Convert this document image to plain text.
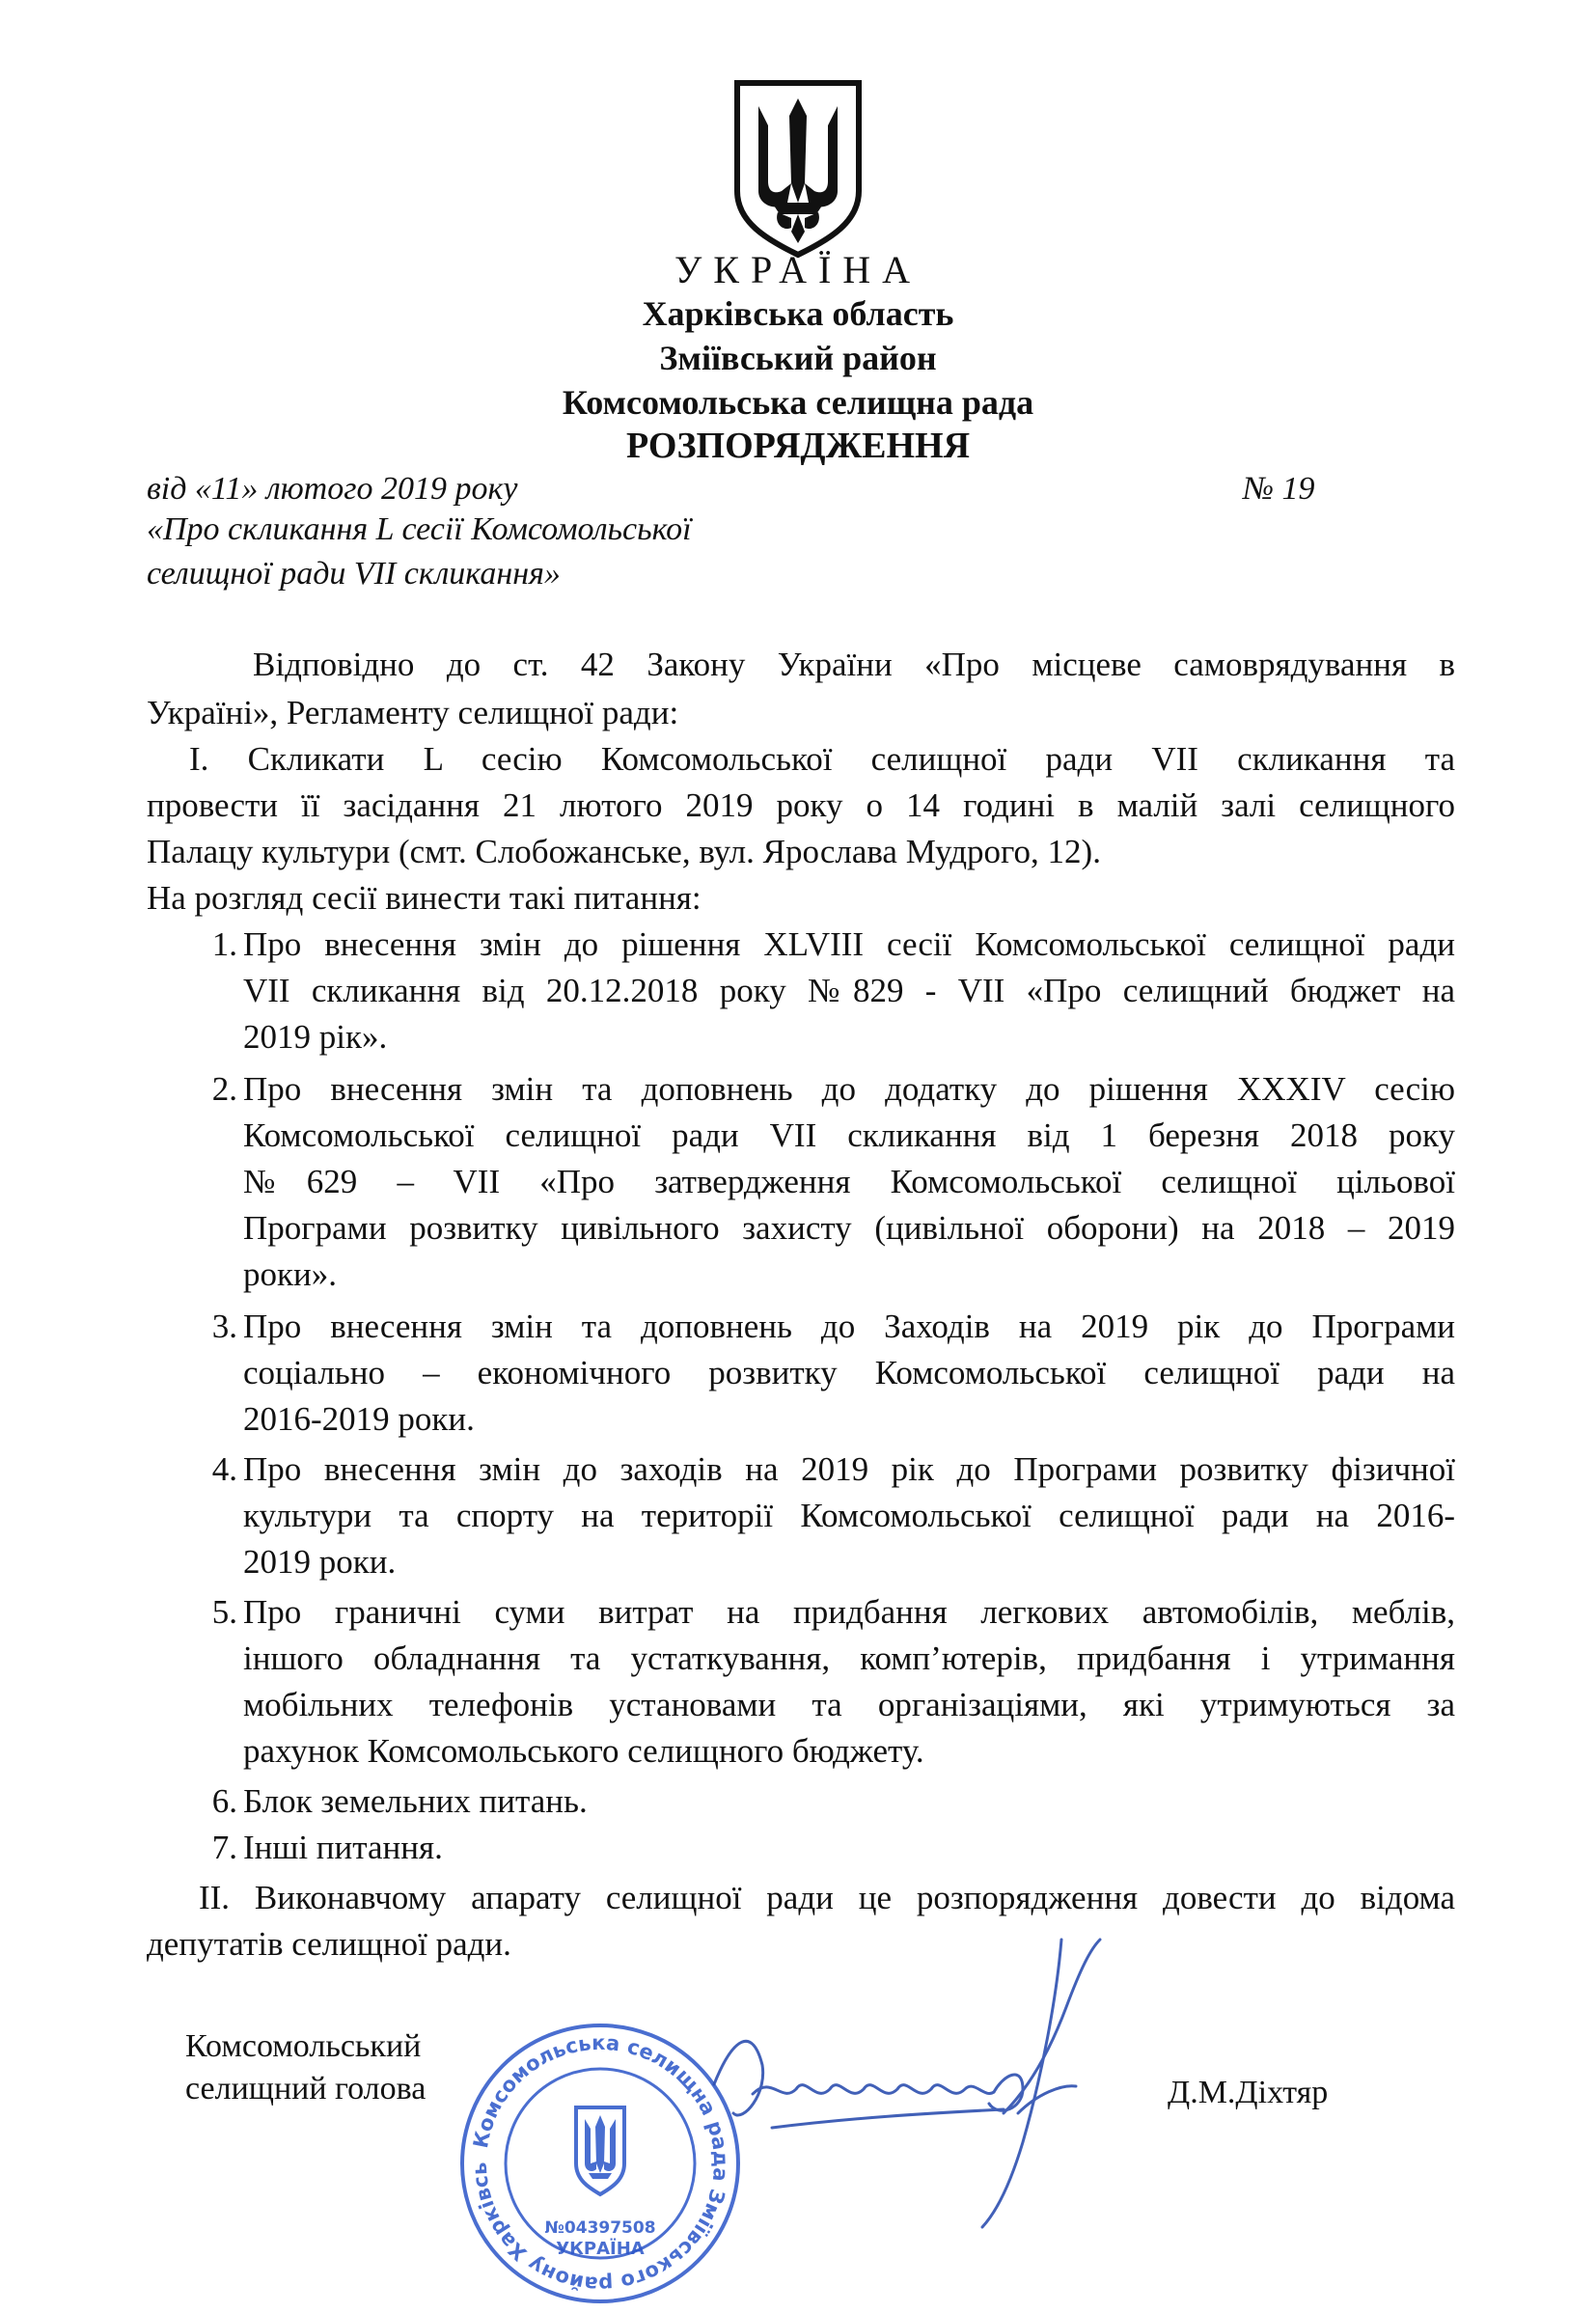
УКРАЇНА
Харківська область
Зміївський район
Комсомольська селищна рада
РОЗПОРЯДЖЕННЯ
від «11» лютого 2019 року	№ 19
«Про скликання L сесії Комсомольської
селищної ради VII скликання»
Відповідно до ст. 42 Закону України «Про місцеве самоврядування в
Україні», Регламенту селищної ради:
I. Скликати L сесію Комсомольської селищної ради VII скликання та
провести її засідання 21 лютого 2019 року о 14 годині в малій залі селищного
Палацу культури (смт. Слобожанське, вул. Ярослава Мудрого, 12).
На розгляд сесії винести такі питання:
1. Про внесення змін до рішення XLVIII сесії Комсомольської селищної ради
VII скликання від 20.12.2018 року №829 - VII «Про селищний бюджет на
2019 рік».
2. Про внесення змін та доповнень до додатку до рішення XXXIV сесію
Комсомольської селищної ради VII скликання від 1 березня 2018 року
№629 – VII «Про затвердження Комсомольської селищної цільової
Програми розвитку цивільного захисту (цивільної оборони) на 2018 – 2019
роки».
3. Про внесення змін та доповнень до Заходів на 2019 рік до Програми
соціально – економічного розвитку Комсомольської селищної ради на
2016-2019 роки.
4. Про внесення змін до заходів на 2019 рік до Програми розвитку фізичної
культури та спорту на території Комсомольської селищної ради на 2016-
2019 роки.
5. Про граничні суми витрат на придбання легкових автомобілів, меблів,
іншого обладнання та устаткування, комп’ютерів, придбання і утримання
мобільних телефонів установами та організаціями, які утримуються за
рахунок Комсомольського селищного бюджету.
6. Блок земельних питань.
7. Інші питання.
II. Виконавчому апарату селищної ради це розпорядження довести до відома
депутатів селищної ради.
Комсомольська селищна рада Зміївського району Харківсь
№04397508
УКРАЇНА
Комсомольський
селищний голова	Д.М.Діхтяр
